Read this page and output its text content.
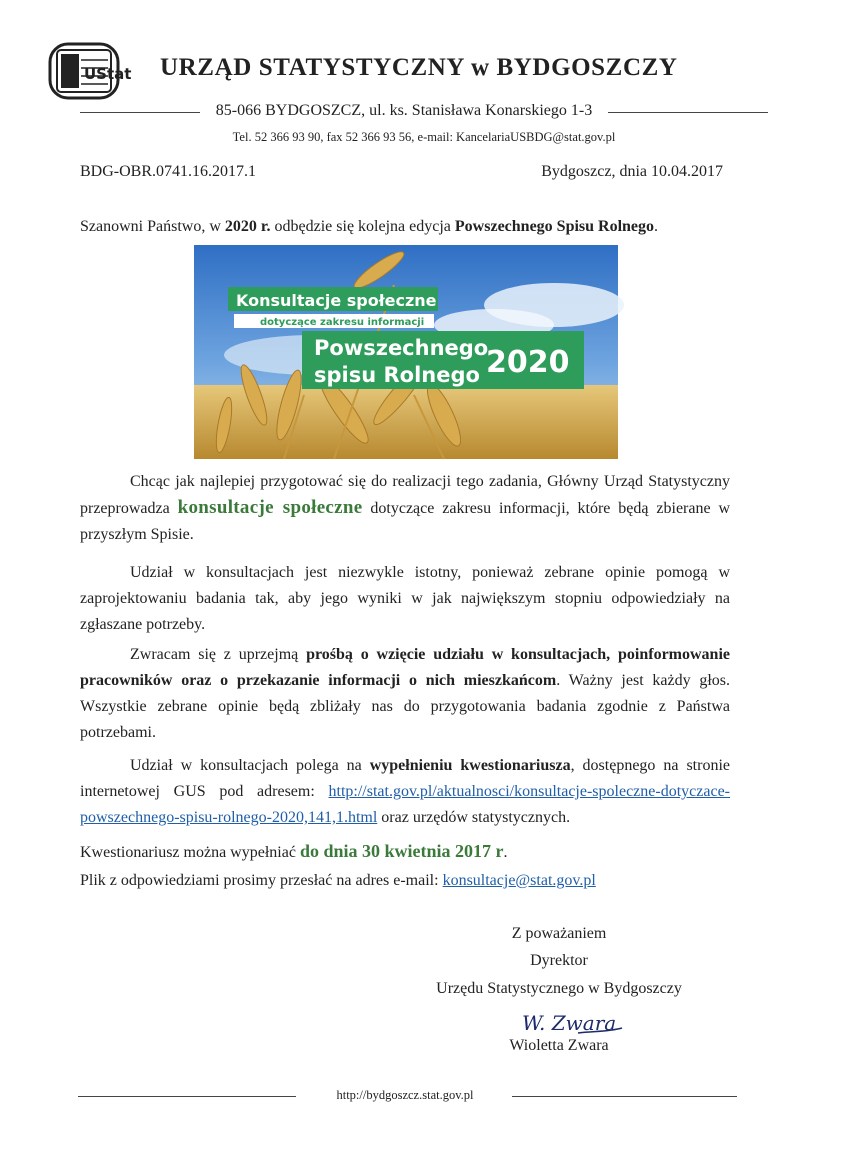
UStat URZĄD STATYSTYCZNY w BYDGOSZCZY
85-066 BYDGOSZCZ, ul. ks. Stanisława Konarskiego 1-3
Tel. 52 366 93 90, fax 52 366 93 56, e-mail: KancelariaUSBDG@stat.gov.pl
BDG-OBR.0741.16.2017.1	Bydgoszcz, dnia 10.04.2017
Szanowni Państwo, w 2020 r. odbędzie się kolejna edycja Powszechnego Spisu Rolnego.
Konsultacje społeczne
dotyczące zakresu informacji
Powszechnego
spisu Rolnego 2020

Chcąc jak najlepiej przygotować się do realizacji tego zadania, Główny Urząd Statystyczny przeprowadza konsultacje społeczne dotyczące zakresu informacji, które będą zbierane w przyszłym Spisie.

Udział w konsultacjach jest niezwykle istotny, ponieważ zebrane opinie pomogą w zaprojektowaniu badania tak, aby jego wyniki w jak największym stopniu odpowiedziały na zgłaszane potrzeby.

Zwracam się z uprzejmą prośbą o wzięcie udziału w konsultacjach, poinformowanie pracowników oraz o przekazanie informacji o nich mieszkańcom. Ważny jest każdy głos. Wszystkie zebrane opinie będą zbliżały nas do przygotowania badania zgodnie z Państwa potrzebami.

Udział w konsultacjach polega na wypełnieniu kwestionariusza, dostępnego na stronie internetowej GUS pod adresem: http://stat.gov.pl/aktualnosci/konsultacje-spoleczne-dotyczace-powszechnego-spisu-rolnego-2020,141,1.html oraz urzędów statystycznych.

Kwestionariusz można wypełniać do dnia 30 kwietnia 2017 r.

Plik z odpowiedziami prosimy przesłać na adres e-mail: konsultacje@stat.gov.pl

Z poważaniem
Dyrektor
Urzędu Statystycznego w Bydgoszczy
W. Zwara
Wioletta Zwara
http://bydgoszcz.stat.gov.pl
